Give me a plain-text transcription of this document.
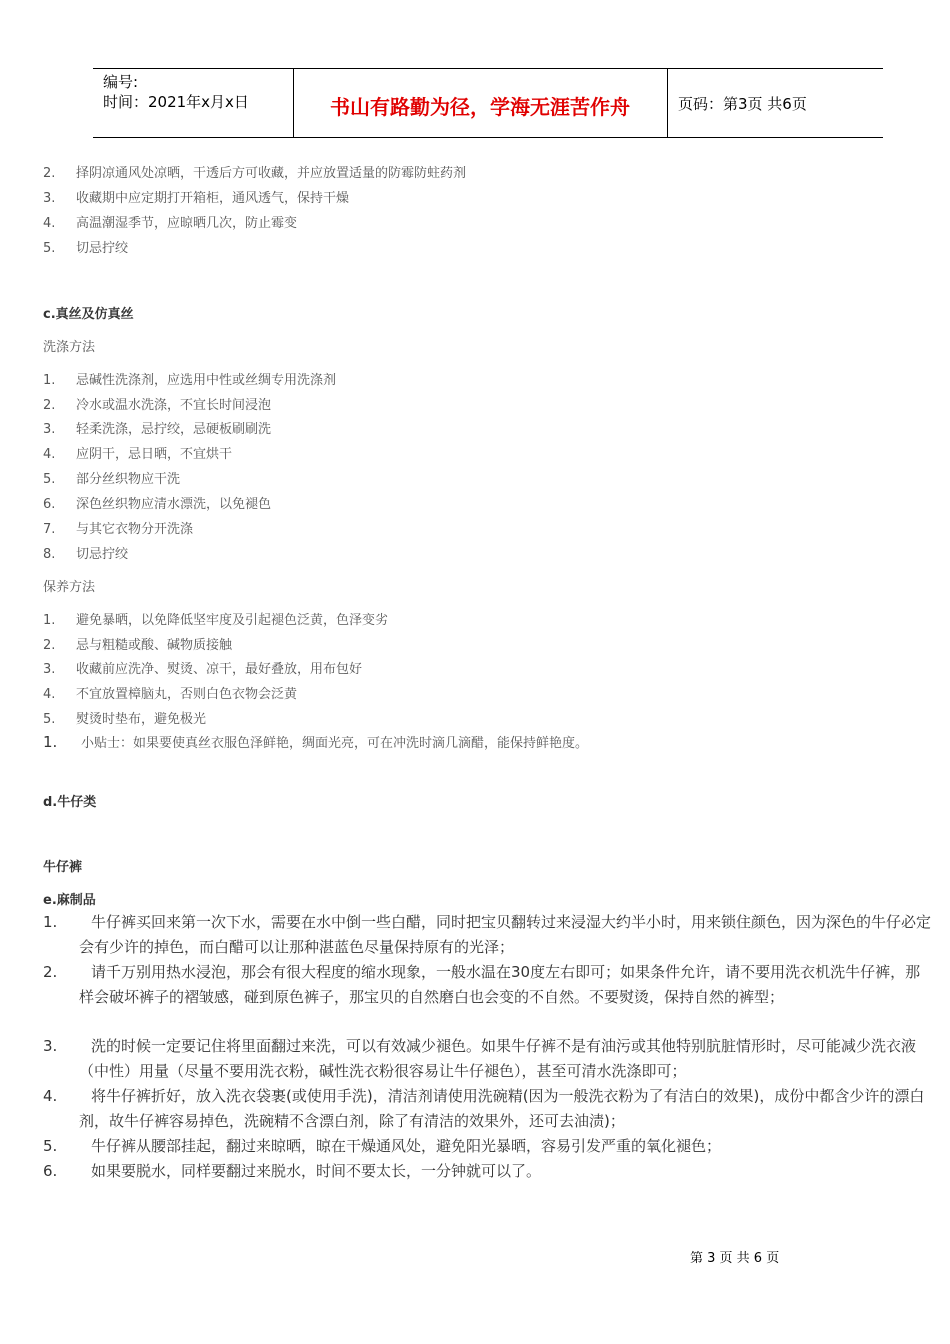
编号:
时间：2021年x月x日	书山有路勤为径，学海无涯苦作舟	页码：第3页 共6页
2. 择阴凉通风处凉晒，干透后方可收藏，并应放置适量的防霉防蛀药剂
3. 收藏期中应定期打开箱柜，通风透气，保持干燥
4. 高温潮湿季节，应晾晒几次，防止霉变
5. 切忌拧绞
c.真丝及仿真丝
洗涤方法
1. 忌碱性洗涤剂，应选用中性或丝绸专用洗涤剂
2. 冷水或温水洗涤，不宜长时间浸泡
3. 轻柔洗涤，忌拧绞，忌硬板刷刷洗
4. 应阴干，忌日晒，不宜烘干
5. 部分丝织物应干洗
6. 深色丝织物应清水漂洗，以免褪色
7. 与其它衣物分开洗涤
8. 切忌拧绞
保养方法
1. 避免暴晒，以免降低坚牢度及引起褪色泛黄，色泽变劣
2. 忌与粗糙或酸、碱物质接触
3. 收藏前应洗净、熨烫、凉干，最好叠放，用布包好
4. 不宜放置樟脑丸，否则白色衣物会泛黄
5. 熨烫时垫布，避免极光
1. 小贴士：如果要使真丝衣服色泽鲜艳，绸面光亮，可在冲洗时滴几滴醋，能保持鲜艳度。
d.牛仔类
牛仔裤
e.麻制品
1.	牛仔裤买回来第一次下水，需要在水中倒一些白醋，同时把宝贝翻转过来浸湿大约半小时，用来锁住颜色，因为深色的牛仔必定会有少许的掉色，而白醋可以让那种湛蓝色尽量保持原有的光泽；
2.	请千万别用热水浸泡，那会有很大程度的缩水现象，一般水温在30度左右即可；如果条件允许，请不要用洗衣机洗牛仔裤，那样会破坏裤子的褶皱感，碰到原色裤子，那宝贝的自然磨白也会变的不自然。不要熨烫，保持自然的裤型；
3.	洗的时候一定要记住将里面翻过来洗，可以有效减少褪色。如果牛仔裤不是有油污或其他特别肮脏情形时，尽可能减少洗衣液（中性）用量（尽量不要用洗衣粉，碱性洗衣粉很容易让牛仔褪色），甚至可清水洗涤即可；
4.	将牛仔裤折好，放入洗衣袋裹(或使用手洗)，清洁剂请使用洗碗精(因为一般洗衣粉为了有洁白的效果)，成份中都含少许的漂白剂，故牛仔裤容易掉色，洗碗精不含漂白剂，除了有清洁的效果外，还可去油渍)；
5.	牛仔裤从腰部挂起，翻过来晾晒，晾在干燥通风处，避免阳光暴晒，容易引发严重的氧化褪色；
6.	如果要脱水，同样要翻过来脱水，时间不要太长，一分钟就可以了。
第 3 页 共 6 页
